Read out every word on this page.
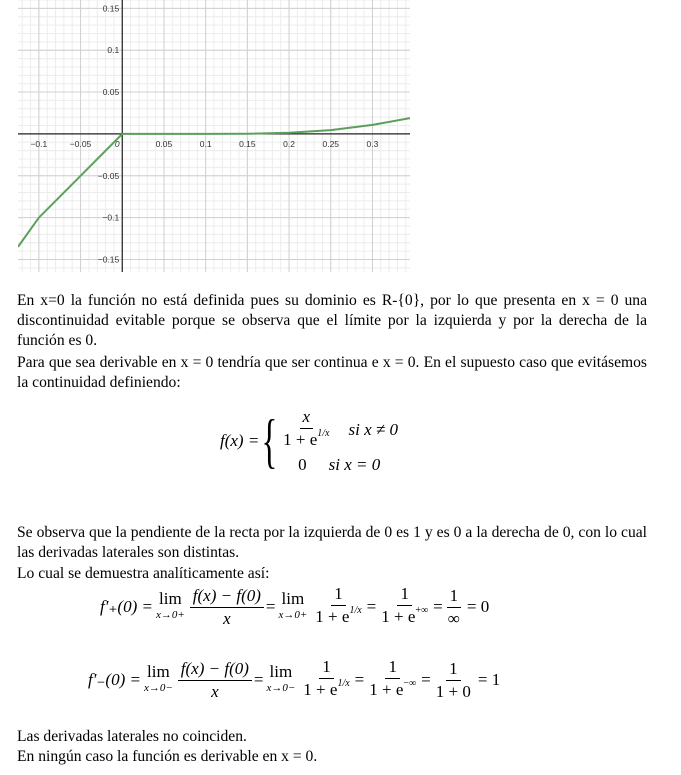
−0.1	−0.05	0	0.05	0.1	0.15	0.2	0.25	0.3
0.15
0.1
0.05
−0.05
−0.1
−0.15

En x=0 la función no está definida pues su dominio es R-{0}, por lo que presenta en x = 0 una discontinuidad evitable porque se observa que el límite por la izquierda y por la derecha de la función es 0.

Para que sea derivable en x = 0 tendría que ser continua e x = 0. En el supuesto caso que evitásemos la continuidad definiendo:

f(x) = { $\frac{x}{1 + e^{1/x}}$ si x ≠ 0
0 si x = 0

Se observa que la pendiente de la recta por la izquierda de 0 es 1 y es 0 a la derecha de 0, con lo cual las derivadas laterales son distintas.

Lo cual se demuestra analíticamente así:

f′₊(0) = lim
$x\to 0+ \frac{f(x) - f(0)}{x} = \lim$
$x\to 0+ \frac{1}{1 + e^{1/x}} = \frac{1}{1 + e^{+\infty}} = \frac{1}{\infty} = 0$
f′₋(0) = lim
$x\to 0- \frac{f(x) - f(0)}{x} = \lim$
$x\to 0- \frac{1}{1 + e^{1/x}} = \frac{1}{1 + e^{-\infty}} = \frac{1}{1 + 0} = 1$

Las derivadas laterales no coinciden.

En ningún caso la función es derivable en x = 0.
